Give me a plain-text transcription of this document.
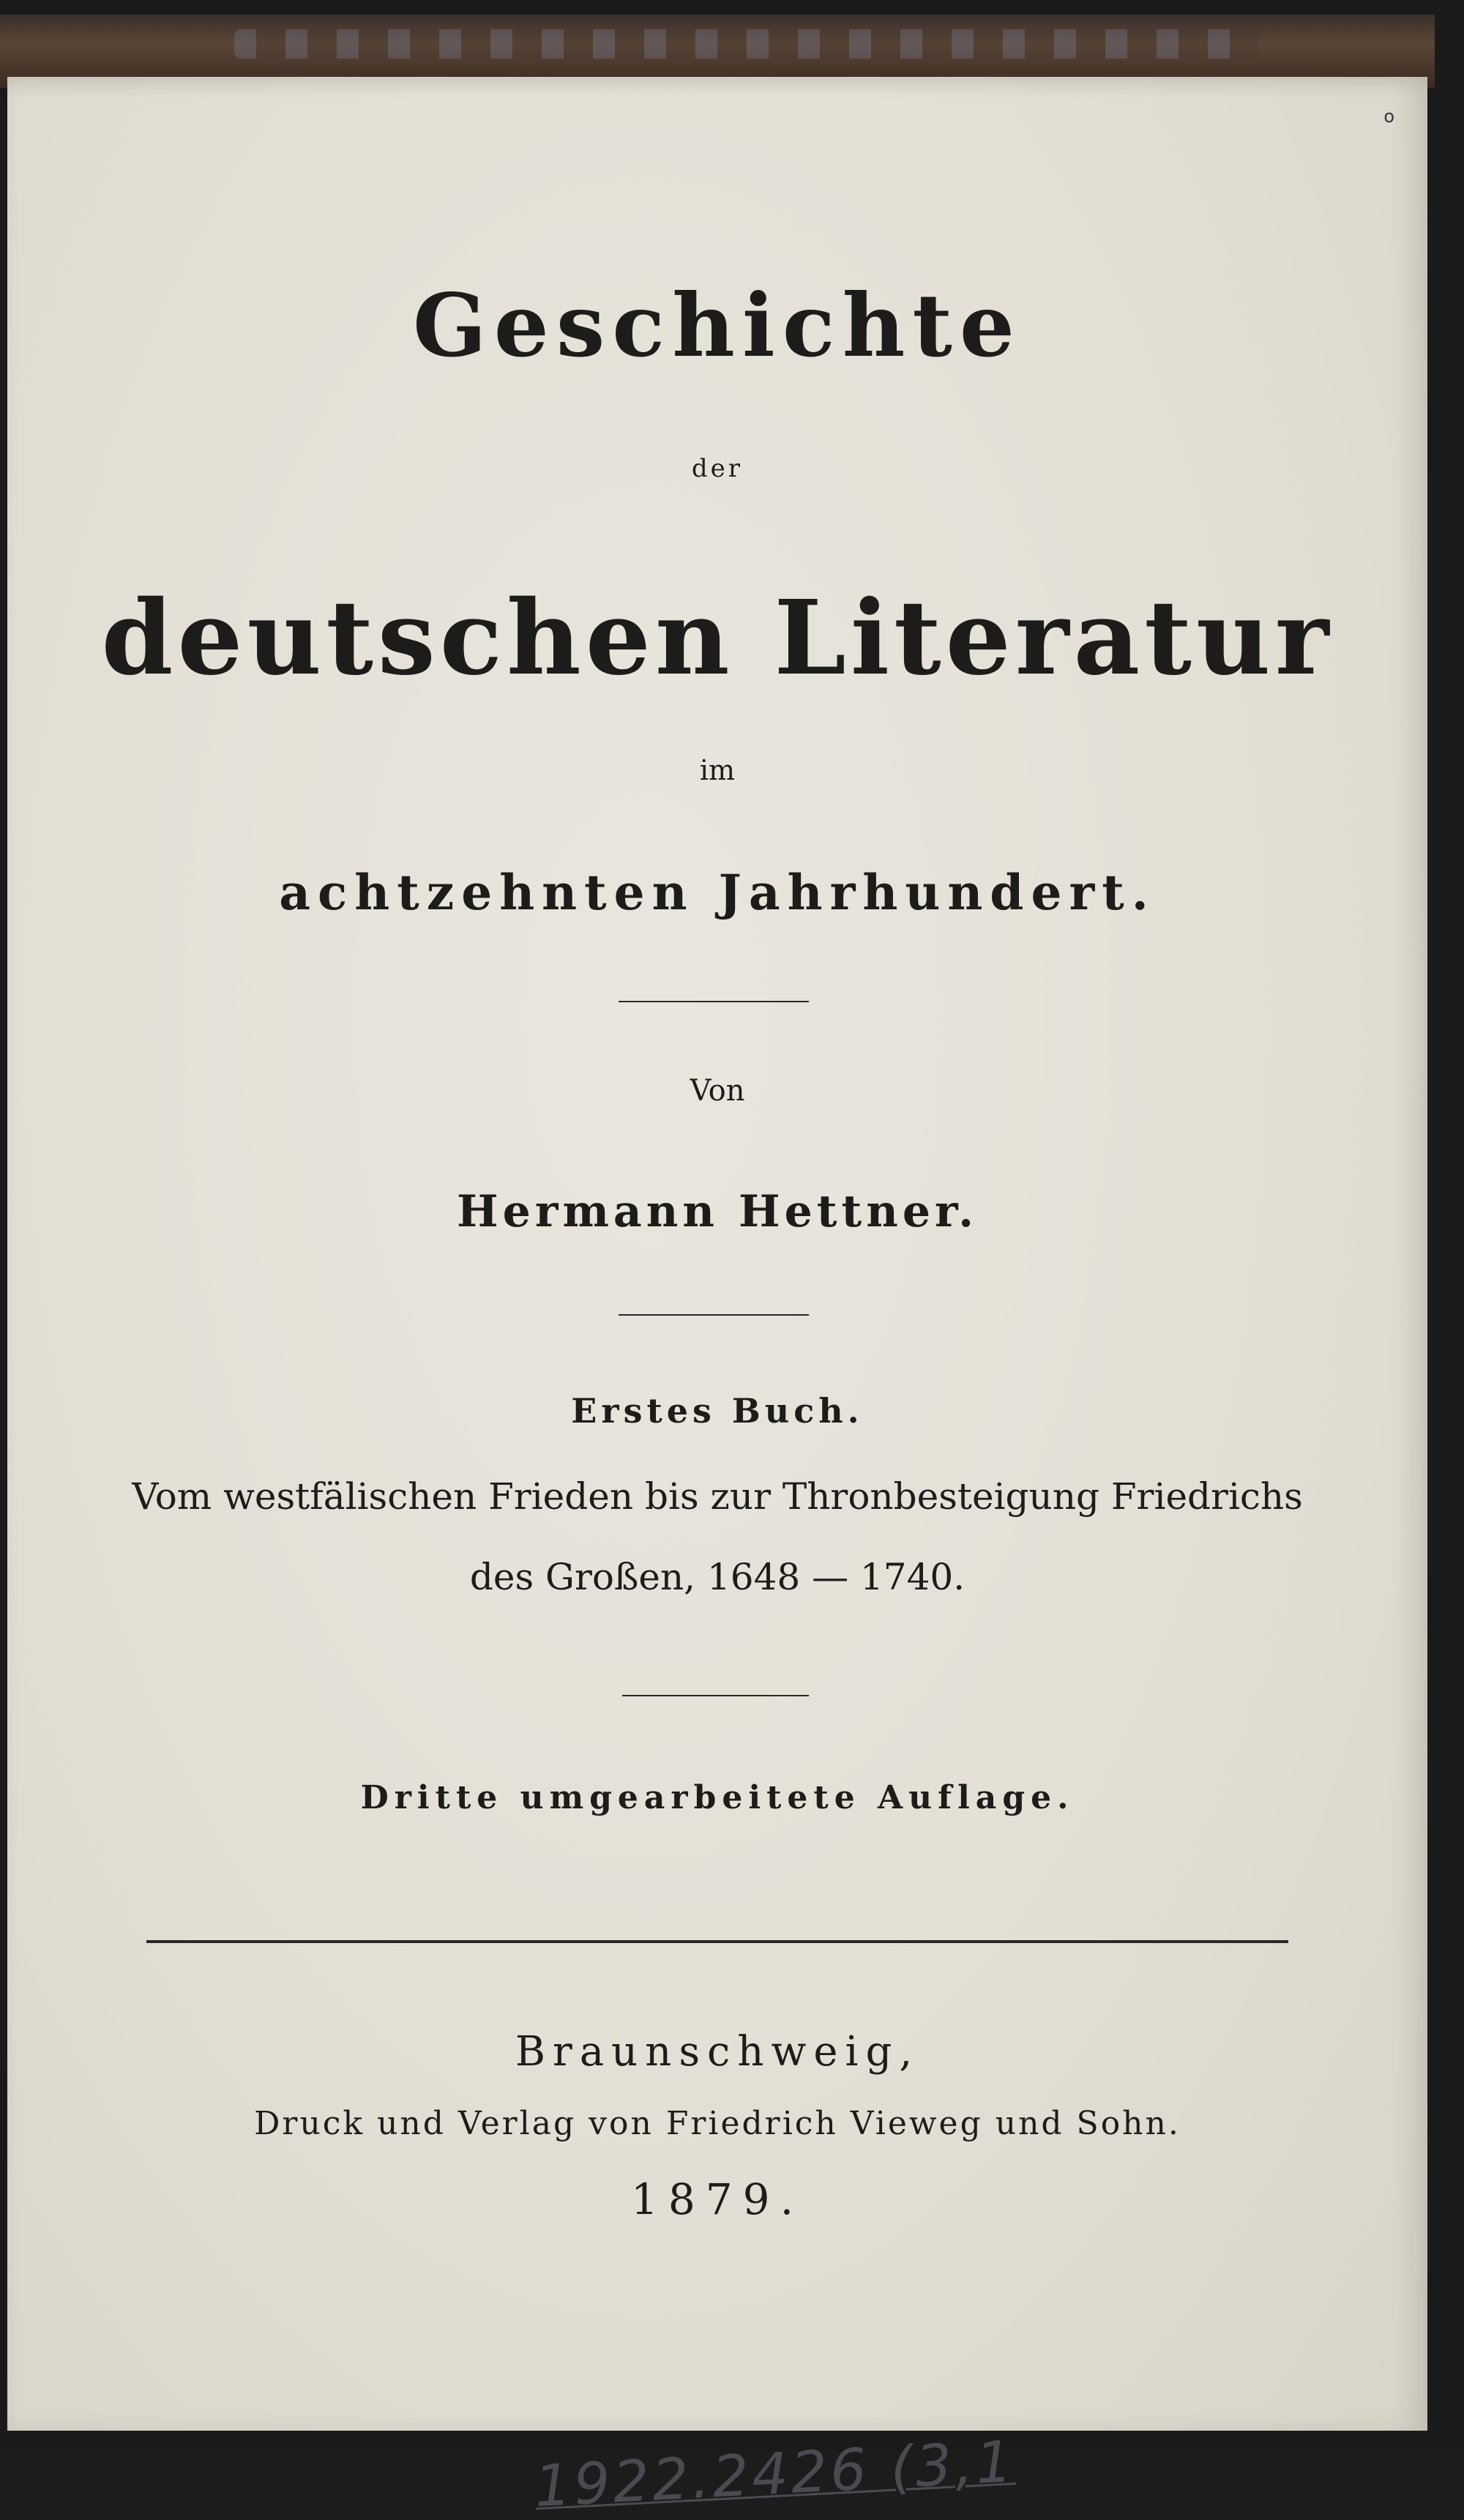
o
Geschichte
der
deutschen Literatur
im
achtzehnten Jahrhundert.
Von
Hermann Hettner.
Erstes Buch.
Vom westfälischen Frieden bis zur Thronbesteigung Friedrichs
des Großen, 1648 — 1740.
Dritte umgearbeitete Auflage.
Braunschweig,
Druck und Verlag von Friedrich Vieweg und Sohn.
1879.
1922.2426 (3,1
